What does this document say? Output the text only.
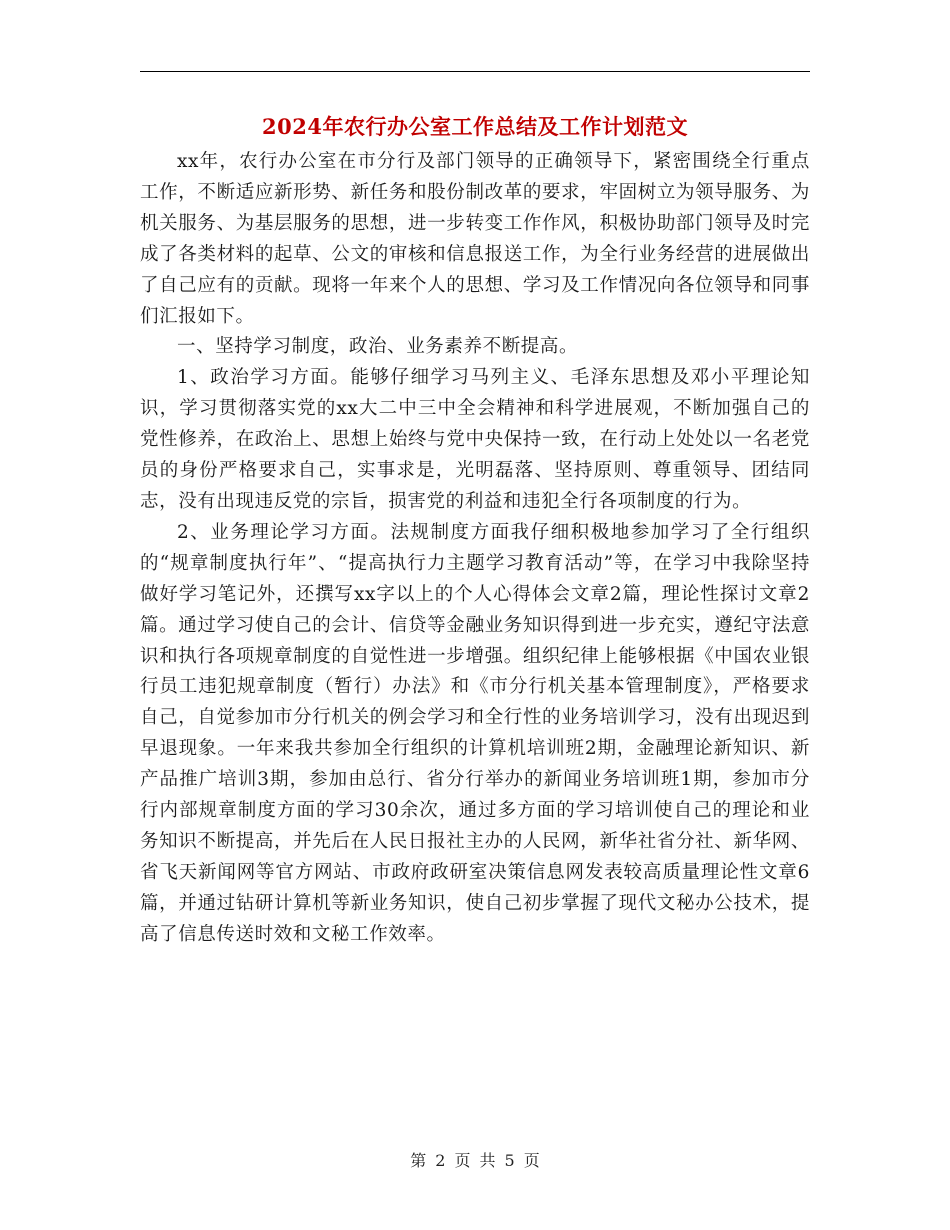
2024年农行办公室工作总结及工作计划范文

xx年，农行办公室在市分行及部门领导的正确领导下，紧密围绕全行重点工作，不断适应新形势、新任务和股份制改革的要求，牢固树立为领导服务、为机关服务、为基层服务的思想，进一步转变工作作风，积极协助部门领导及时完成了各类材料的起草、公文的审核和信息报送工作，为全行业务经营的进展做出了自己应有的贡献。现将一年来个人的思想、学习及工作情况向各位领导和同事们汇报如下。

一、坚持学习制度，政治、业务素养不断提高。

1、政治学习方面。能够仔细学习马列主义、毛泽东思想及邓小平理论知识，学习贯彻落实党的xx大二中三中全会精神和科学进展观，不断加强自己的党性修养，在政治上、思想上始终与党中央保持一致，在行动上处处以一名老党员的身份严格要求自己，实事求是，光明磊落、坚持原则、尊重领导、团结同志，没有出现违反党的宗旨，损害党的利益和违犯全行各项制度的行为。

2、业务理论学习方面。法规制度方面我仔细积极地参加学习了全行组织的“规章制度执行年”、“提高执行力主题学习教育活动”等，在学习中我除坚持做好学习笔记外，还撰写xx字以上的个人心得体会文章2篇，理论性探讨文章2篇。通过学习使自己的会计、信贷等金融业务知识得到进一步充实，遵纪守法意识和执行各项规章制度的自觉性进一步增强。组织纪律上能够根据《中国农业银行员工违犯规章制度（暂行）办法》和《市分行机关基本管理制度》，严格要求自己，自觉参加市分行机关的例会学习和全行性的业务培训学习，没有出现迟到早退现象。一年来我共参加全行组织的计算机培训班2期，金融理论新知识、新产品推广培训3期，参加由总行、省分行举办的新闻业务培训班1期，参加市分行内部规章制度方面的学习30余次，通过多方面的学习培训使自己的理论和业务知识不断提高，并先后在人民日报社主办的人民网，新华社省分社、新华网、省飞天新闻网等官方网站、市政府政研室决策信息网发表较高质量理论性文章6篇，并通过钻研计算机等新业务知识，使自己初步掌握了现代文秘办公技术，提高了信息传送时效和文秘工作效率。

第 2 页 共 5 页
